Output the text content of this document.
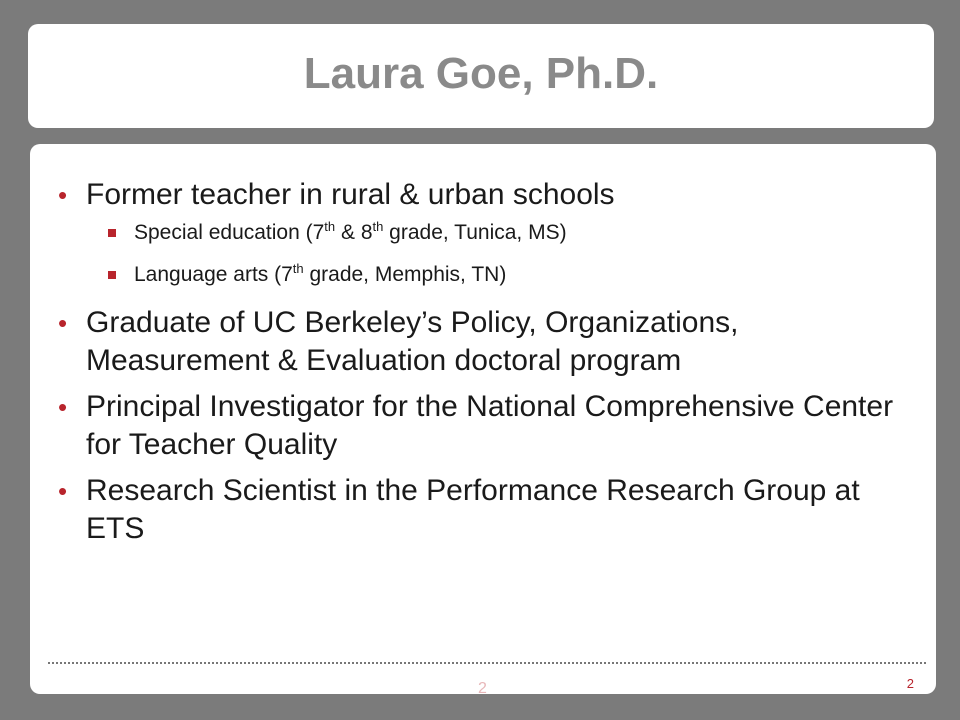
Laura Goe, Ph.D.
• Former teacher in rural & urban schools
Special education (7th & 8th grade, Tunica, MS)
Language arts (7th grade, Memphis, TN)
• Graduate of UC Berkeley’s Policy, Organizations, Measurement & Evaluation doctoral program
• Principal Investigator for the National Comprehensive Center for Teacher Quality
• Research Scientist in the Performance Research Group at ETS
2	2
